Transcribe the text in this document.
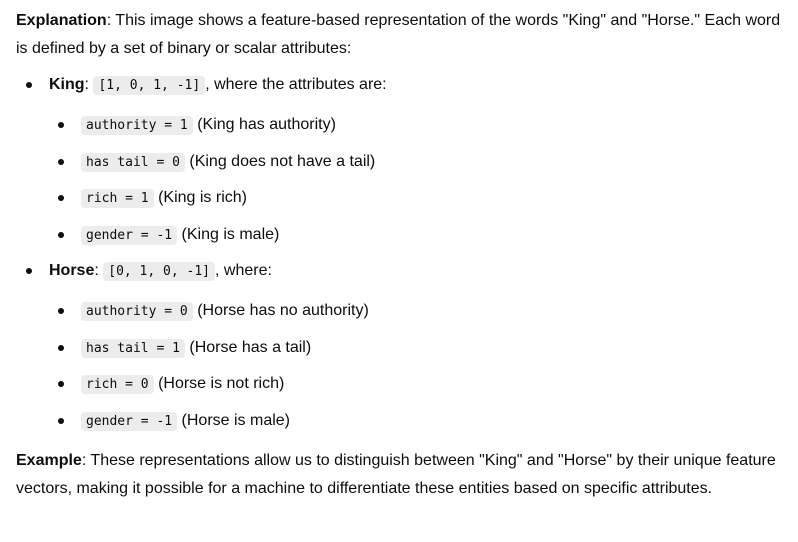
Explanation: This image shows a feature-based representation of the words "King" and "Horse." Each word is defined by a set of binary or scalar attributes:

King: [1, 0, 1, -1] , where the attributes are:
authority = 1 (King has authority)
has tail = 0 (King does not have a tail)
rich = 1 (King is rich)
gender = -1 (King is male)
Horse: [0, 1, 0, -1] , where:
authority = 0 (Horse has no authority)
has tail = 1 (Horse has a tail)
rich = 0 (Horse is not rich)
gender = -1 (Horse is male)

Example: These representations allow us to distinguish between "King" and "Horse" by their unique feature vectors, making it possible for a machine to differentiate these entities based on specific attributes.
